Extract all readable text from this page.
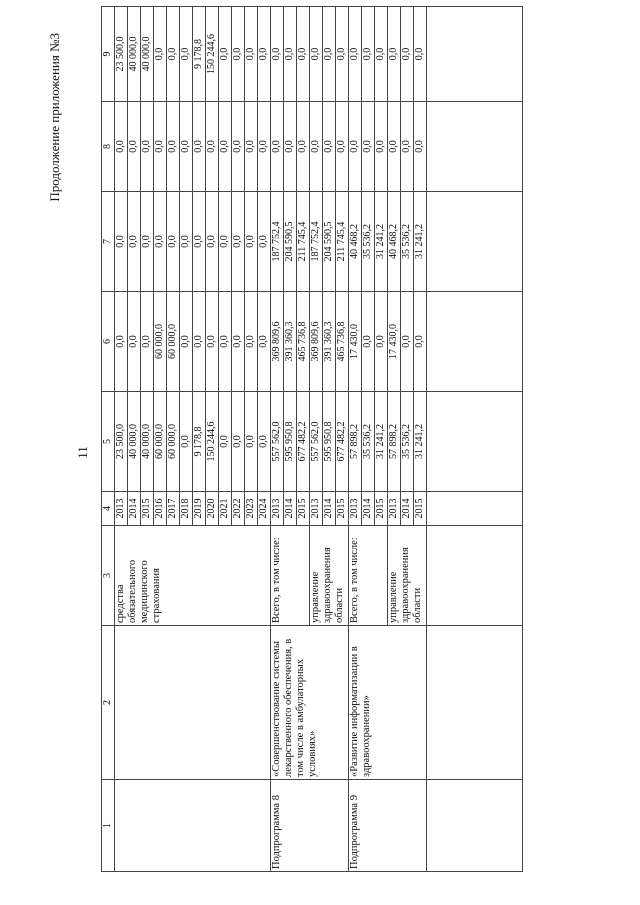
11
Продолжение приложения №3
1	2	3	4	5	6	7	8	9
		средства обязательного медицинского страхования	2013	23 500,0	0,0	0,0	0,0	23 500,0
			2014	40 000,0	0,0	0,0	0,0	40 000,0
			2015	40 000,0	0,0	0,0	0,0	40 000,0
			2016	60 000,0	60 000,0	0,0	0,0	0,0
			2017	60 000,0	60 000,0	0,0	0,0	0,0
			2018	0,0	0,0	0,0	0,0	0,0
			2019	9 178,8	0,0	0,0	0,0	9 178,8
			2020	150 244,6	0,0	0,0	0,0	150 244,6
			2021	0,0	0,0	0,0	0,0	0,0
			2022	0,0	0,0	0,0	0,0	0,0
			2023	0,0	0,0	0,0	0,0	0,0
			2024	0,0	0,0	0,0	0,0	0,0
Подпрограмма 8	«Совершенствование системы лекарственного обеспечения, в том числе в амбулаторных условиях»	Всего, в том числе:	2013	557 562,0	369 809,6	187 752,4	0,0	0,0
			2014	595 950,8	391 360,3	204 590,5	0,0	0,0
			2015	677 482,2	465 736,8	211 745,4	0,0	0,0
		управление здравоохранения области	2013	557 562,0	369 809,6	187 752,4	0,0	0,0
			2014	595 950,8	391 360,3	204 590,5	0,0	0,0
			2015	677 482,2	465 736,8	211 745,4	0,0	0,0
Подпрограмма 9	«Развитие информатизации в здравоохранении»	Всего, в том числе:	2013	57 898,2	17 430,0	40 468,2	0,0	0,0
			2014	35 536,2	0,0	35 536,2	0,0	0,0
			2015	31 241,2	0,0	31 241,2	0,0	0,0
		управление здравоохранения области	2013	57 898,2	17 430,0	40 468,2	0,0	0,0
			2014	35 536,2	0,0	35 536,2	0,0	0,0
			2015	31 241,2	0,0	31 241,2	0,0	0,0
